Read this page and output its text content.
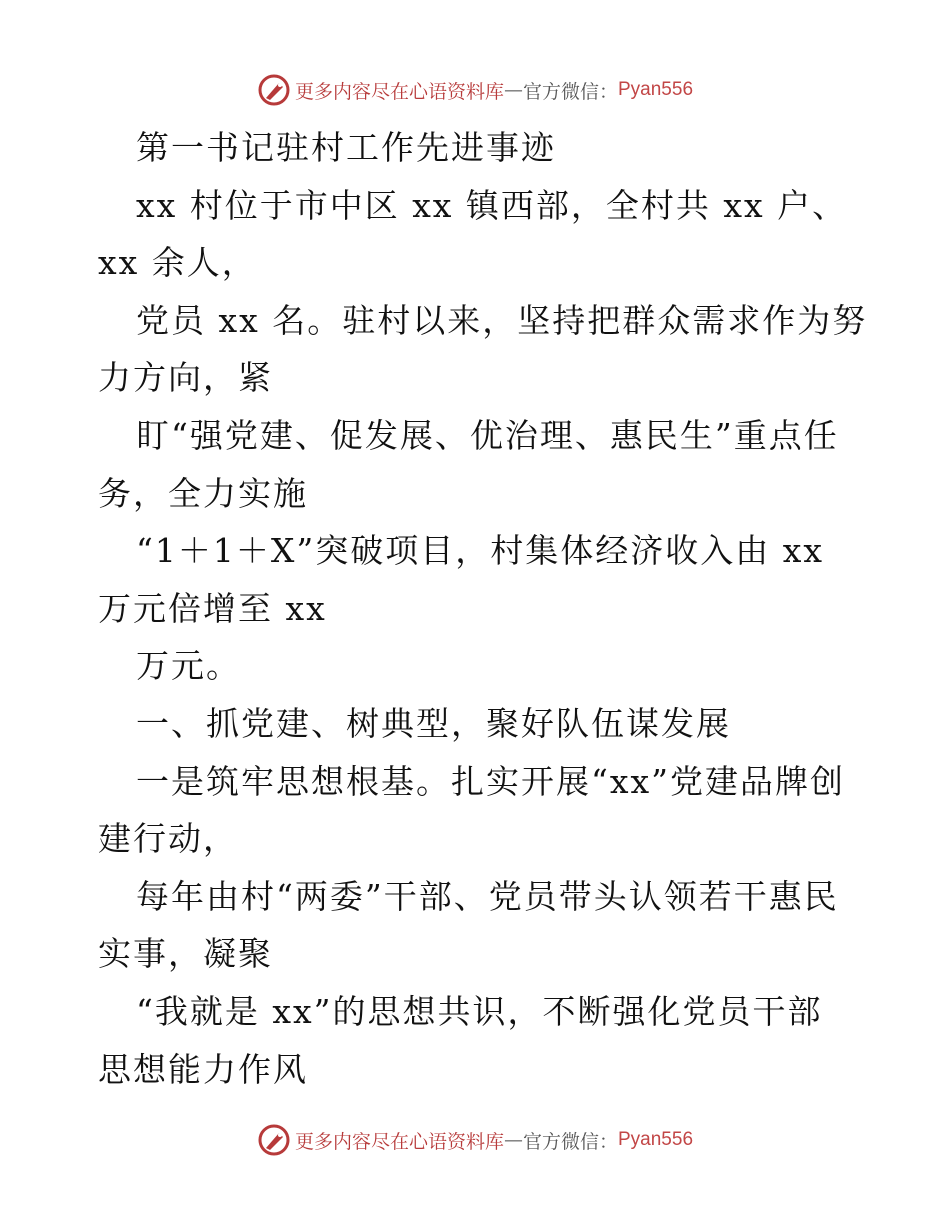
更多内容尽在心语资料库 — 官方微信： Pyan556
第一书记驻村工作先进事迹
xx 村位于市中区 xx 镇西部，全村共 xx 户、
xx 余人，
党员 xx 名。驻村以来，坚持把群众需求作为努
力方向，紧
盯“强党建、促发展、优治理、惠民生”重点任
务，全力实施
“1＋1＋X”突破项目，村集体经济收入由 xx
万元倍增至 xx
万元。
一、抓党建、树典型，聚好队伍谋发展
一是筑牢思想根基。扎实开展“xx”党建品牌创
建行动，
每年由村“两委”干部、党员带头认领若干惠民
实事，凝聚
“我就是 xx”的思想共识，不断强化党员干部
思想能力作风
更多内容尽在心语资料库 — 官方微信： Pyan556
